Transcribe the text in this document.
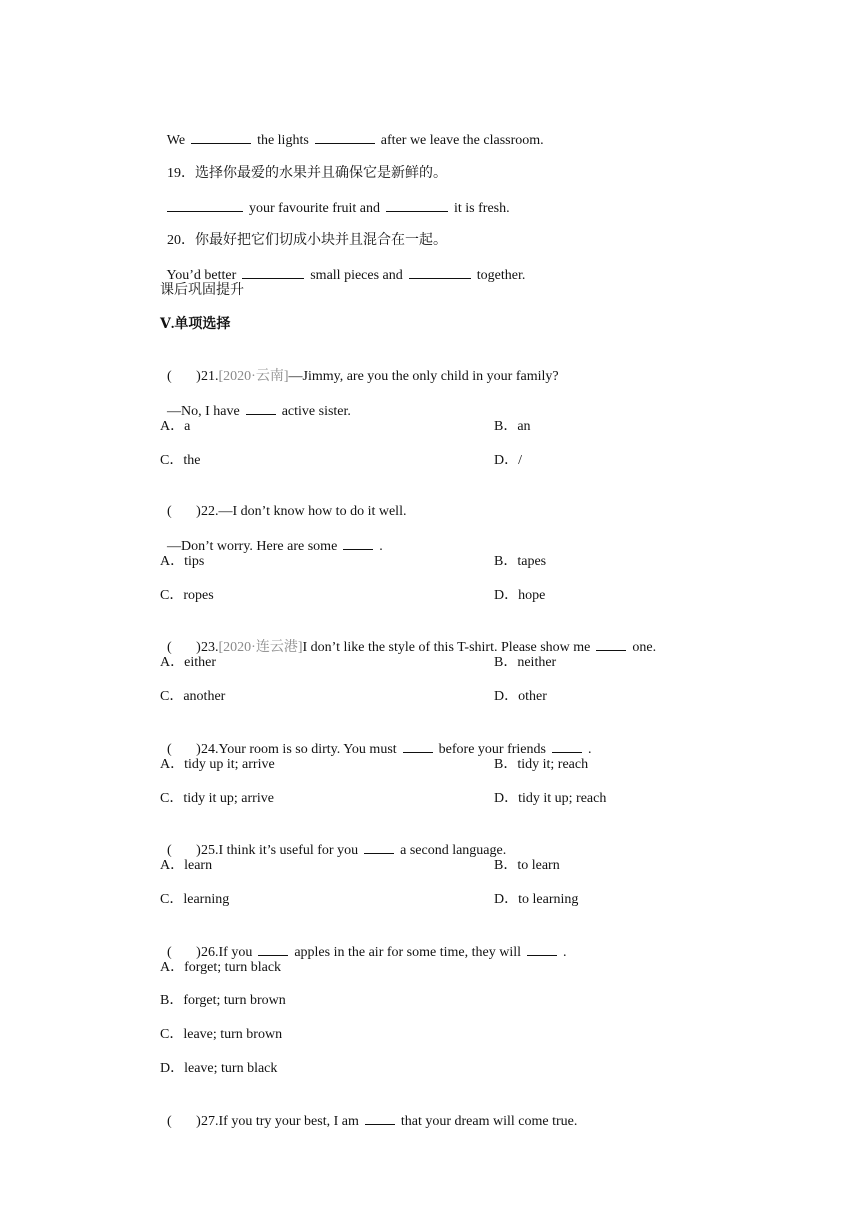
We	the lights	after we leave the classroom.

19．选择你最爱的水果并且确保它是新鲜的。

your favourite fruit and	it is fresh.

20．你最好把它们切成小块并且混合在一起。

You’d better	small pieces and	together.

课后巩固提升
Ⅴ.单项选择

(       )21.[2020·云南]—Jimmy, are you the only child in your family?

—No, I have	active sister.

A．a	B．an
C．the	D．/

(       )22.—I don’t know how to do it well.

—Don’t worry. Here are some	.

A．tips	B．tapes
C．ropes	D．hope

(       )23.[2020·连云港]I don’t like the style of this T-shirt. Please show me	one.

A．either	B．neither
C．another	D．other

(       )24.Your room is so dirty. You must	before your friends	.

A．tidy up it; arrive	B．tidy it; reach
C．tidy it up; arrive	D．tidy it up; reach

(       )25.I think it’s useful for you	a second language.

A．learn	B．to learn
C．learning	D．to learning

(       )26.If you	apples in the air for some time, they will	.

A．forget; turn black
B．forget; turn brown
C．leave; turn brown
D．leave; turn black

(       )27.If you try your best, I am	that your dream will come true.
